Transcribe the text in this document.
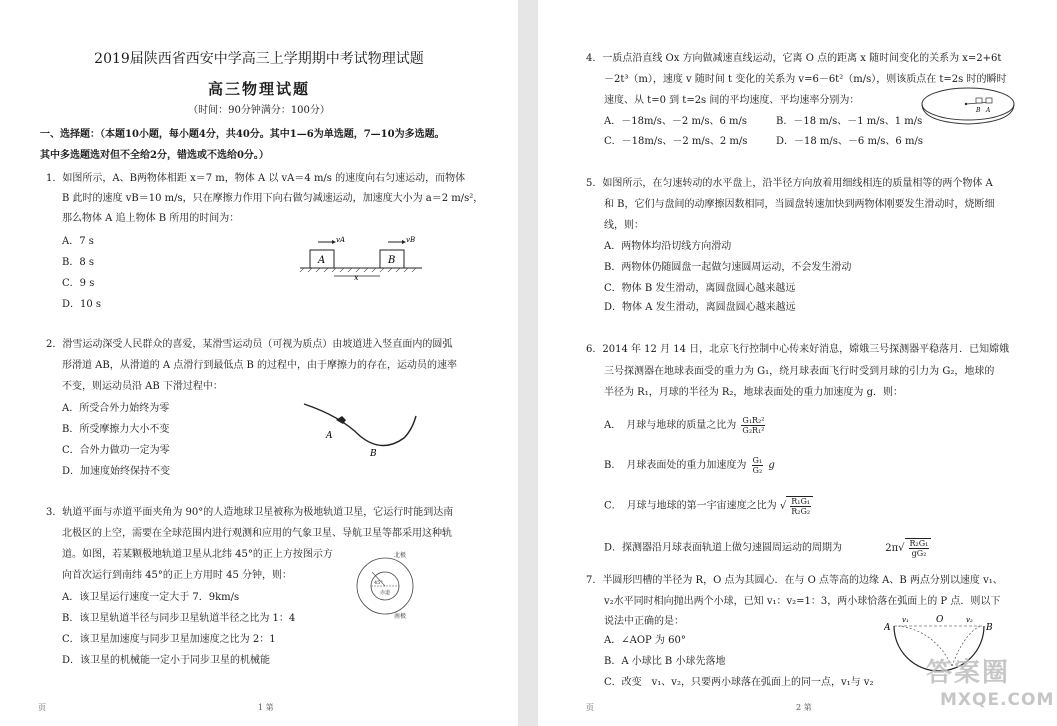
2019届陕西省西安中学高三上学期期中考试物理试题
高三物理试题
（时间：90分钟满分：100分）
一、选择题：（本题10小题，每小题4分，共40分。其中1—6为单选题，7—10为多选题。
其中多选题选对但不全给2分，错选或不选给0分。）
1．如图所示，A、B两物体相距 x＝7 m，物体 A 以 vA＝4 m/s 的速度向右匀速运动，而物体
B 此时的速度 vB＝10 m/s，只在摩擦力作用下向右做匀减速运动，加速度大小为 a＝2 m/s²，
那么物体 A 追上物体 B 所用的时间为：
A．7 s
B．8 s
C．9 s
D．10 s
A	B
vA	vB
x
2．滑雪运动深受人民群众的喜爱，某滑雪运动员（可视为质点）由坡道进入竖直面内的圆弧
形滑道 AB，从滑道的 A 点滑行到最低点 B 的过程中，由于摩擦力的存在，运动员的速率
不变，则运动员沿 AB 下滑过程中：
A．所受合外力始终为零
B．所受摩擦力大小不变
C．合外力做功一定为零
D．加速度始终保持不变
A
B
3．轨道平面与赤道平面夹角为 90°的人造地球卫星被称为极地轨道卫星，它运行时能到达南
北极区的上空，需要在全球范围内进行观测和应用的气象卫星、导航卫星等都采用这种轨
道。如图，若某颗极地轨道卫星从北纬 45°的正上方按图示方
向首次运行到南纬 45°的正上方用时 45 分钟，则：
A．该卫星运行速度一定大于 7．9km/s
B．该卫星轨道半径与同步卫星轨道半径之比为 1：4
C．该卫星加速度与同步卫星加速度之比为 2：1
D．该卫星的机械能一定小于同步卫星的机械能
北极
南极
赤道
45°
页	1 第
4．一质点沿直线 Ox 方向做减速直线运动，它离 O 点的距离 x 随时间变化的关系为 x=2+6t
－2t³（m），速度 v 随时间 t 变化的关系为 v=6－6t²（m/s），则该质点在 t=2s 时的瞬时
速度、从 t=0 到 t=2s 间的平均速度、平均速率分别为：
A．－18m/s、－2 m/s、6 m/s	B．－18 m/s、－1 m/s、1 m/s
C．－18m/s、－2 m/s、2 m/s	D．－18 m/s、－6 m/s、6 m/s
B A
5．如图所示，在匀速转动的水平盘上，沿半径方向放着用细线相连的质量相等的两个物体 A
和 B，它们与盘间的动摩擦因数相同，当圆盘转速加快到两物体刚要发生滑动时，烧断细
线，则：
A．两物体均沿切线方向滑动
B．两物体仍随圆盘一起做匀速圆周运动，不会发生滑动
C．物体 B 发生滑动，离圆盘圆心越来越远
D．物体 A 发生滑动，离圆盘圆心越来越远
6．2014 年 12 月 14 日，北京飞行控制中心传来好消息，嫦娥三号探测器平稳落月．已知嫦娥
三号探测器在地球表面受的重力为 G₁，绕月球表面飞行时受到月球的引力为 G₂，地球的
半径为 R₁，月球的半径为 R₂，地球表面处的重力加速度为 g．则：
A．　月球与地球的质量之比为 $\frac{\text{G₁R₂²}}{\text{G₂R₁²}}$
B．　月球表面处的重力加速度为 $\frac{\text{G₁}}{\text{G₂}}$ g
C．　月球与地球的第一宇宙速度之比为 √ $\frac{\text{R₁G₁}}{\text{R₂G₂}}$
D．探测器沿月球表面轨道上做匀速圆周运动的周期为	$2\pi√ \frac{\text{R₂G₁}}{\text{gG₂}}$
7．半圆形凹槽的半径为 R，O 点为其圆心．在与 O 点等高的边缘 A、B 两点分别以速度 v₁、
v₂水平同时相向抛出两个小球，已知 v₁：v₂=1：3，两小球恰落在弧面上的 P 点．则以下
说法中正确的是：
A．∠AOP 为 60°
B．A 小球比 B 小球先落地
C．改变　v₁、v₂，只要两小球落在弧面上的同一点，v₁与 v₂
A
O
B
v₁	v₂
答案圈
MXQE.COM
页	2 第
